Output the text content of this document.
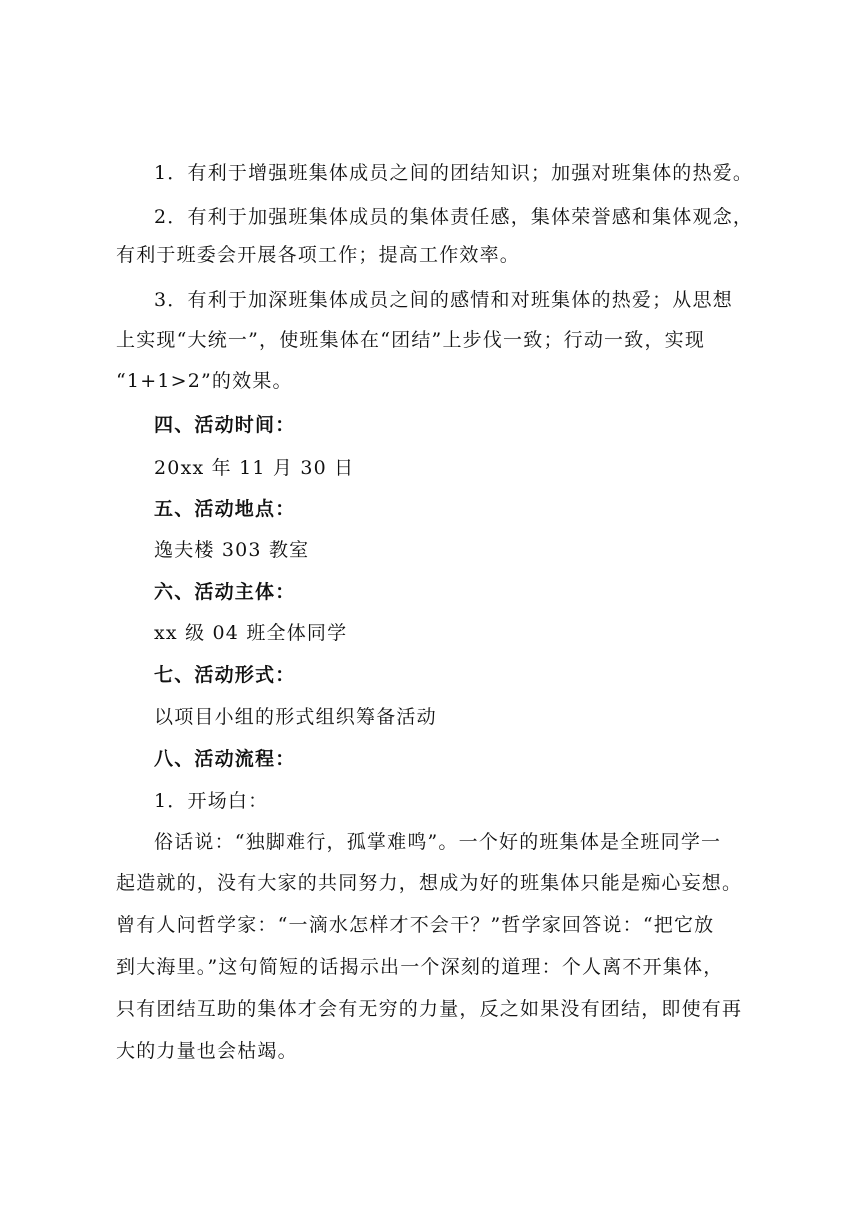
1．有利于增强班集体成员之间的团结知识；加强对班集体的热爱。
2．有利于加强班集体成员的集体责任感，集体荣誉感和集体观念，
有利于班委会开展各项工作；提高工作效率。
3．有利于加深班集体成员之间的感情和对班集体的热爱；从思想
上实现“大统一”，使班集体在“团结”上步伐一致；行动一致，实现
“1+1>2”的效果。
四、活动时间：
20xx 年 11 月 30 日
五、活动地点：
逸夫楼 303 教室
六、活动主体：
xx 级 04 班全体同学
七、活动形式：
以项目小组的形式组织筹备活动
八、活动流程：
1．开场白：
俗话说：“独脚难行，孤掌难鸣”。一个好的班集体是全班同学一
起造就的，没有大家的共同努力，想成为好的班集体只能是痴心妄想。
曾有人问哲学家：“一滴水怎样才不会干？”哲学家回答说：“把它放
到大海里。”这句简短的话揭示出一个深刻的道理：个人离不开集体，
只有团结互助的集体才会有无穷的力量，反之如果没有团结，即使有再
大的力量也会枯竭。
